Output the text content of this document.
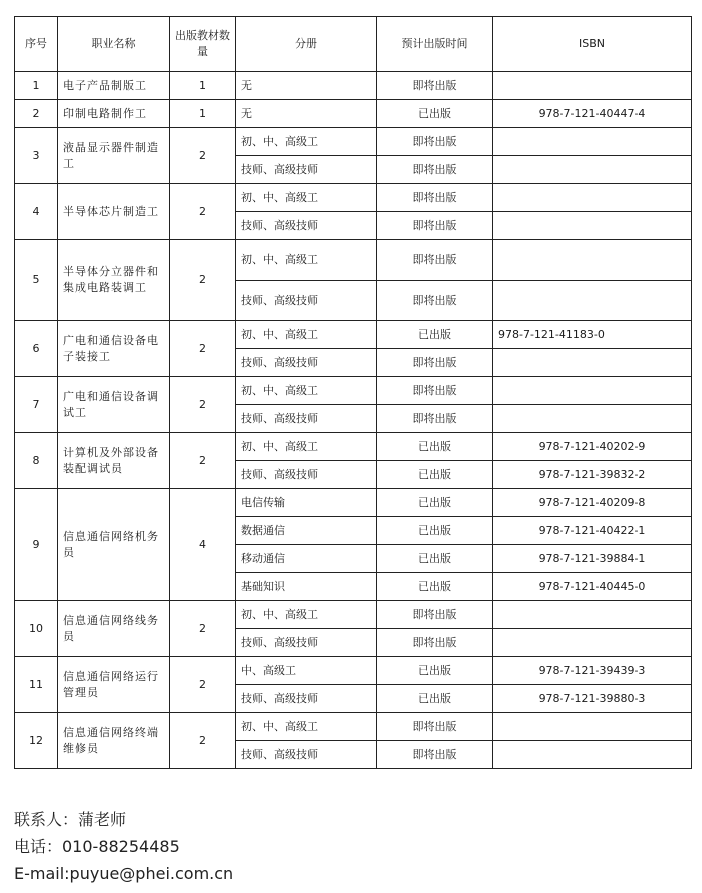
序号	职业名称	出版教材数量	分册	预计出版时间	ISBN
1	电子产品制版工	1	无	即将出版	
2	印制电路制作工	1	无	已出版	978-7-121-40447-4
3	液晶显示器件制造工	2	初、中、高级工	即将出版	
			技师、高级技师	即将出版	
4	半导体芯片制造工	2	初、中、高级工	即将出版	
			技师、高级技师	即将出版	
5	半导体分立器件和集成电路装调工	2	初、中、高级工	即将出版	
			技师、高级技师	即将出版	
6	广电和通信设备电子装接工	2	初、中、高级工	已出版	978-7-121-41183-0
			技师、高级技师	即将出版	
7	广电和通信设备调试工	2	初、中、高级工	即将出版	
			技师、高级技师	即将出版	
8	计算机及外部设备装配调试员	2	初、中、高级工	已出版	978-7-121-40202-9
			技师、高级技师	已出版	978-7-121-39832-2
9	信息通信网络机务员	4	电信传输	已出版	978-7-121-40209-8
			数据通信	已出版	978-7-121-40422-1
			移动通信	已出版	978-7-121-39884-1
			基础知识	已出版	978-7-121-40445-0
10	信息通信网络线务员	2	初、中、高级工	即将出版	
			技师、高级技师	即将出版	
11	信息通信网络运行管理员	2	中、高级工	已出版	978-7-121-39439-3
			技师、高级技师	已出版	978-7-121-39880-3
12	信息通信网络终端维修员	2	初、中、高级工	即将出版	
			技师、高级技师	即将出版	
联系人：蒲老师
电话：010-88254485
E-mail:puyue@phei.com.cn
